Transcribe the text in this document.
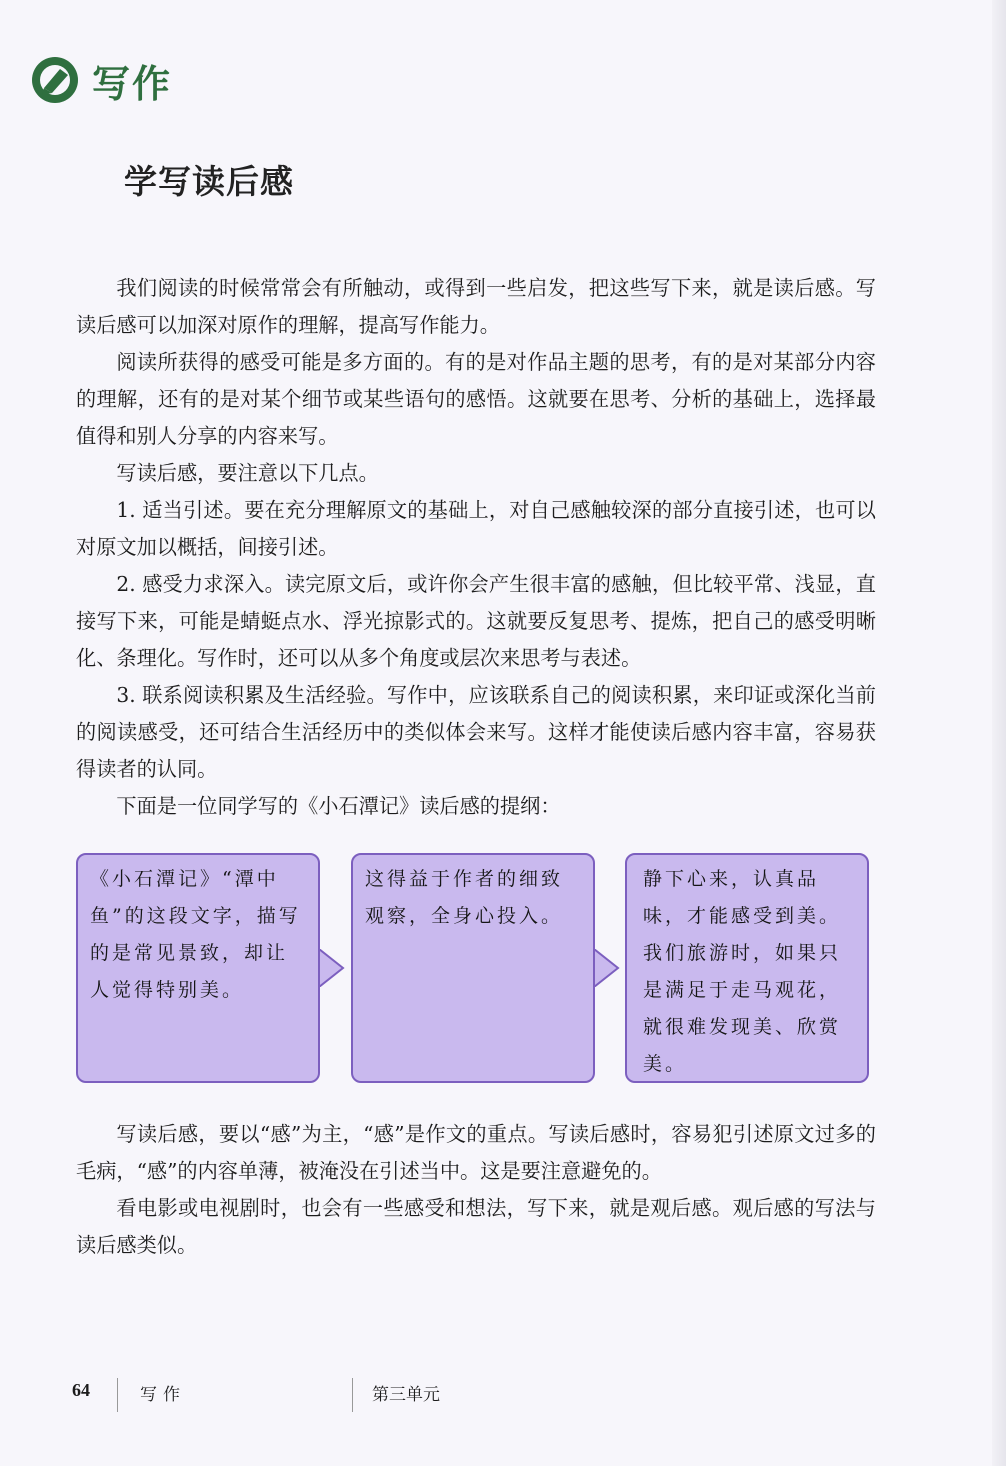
写作
学写读后感

我们阅读的时候常常会有所触动，或得到一些启发，把这些写下来，就是读后感。写读后感可以加深对原作的理解，提高写作能力。

阅读所获得的感受可能是多方面的。有的是对作品主题的思考，有的是对某部分内容的理解，还有的是对某个细节或某些语句的感悟。这就要在思考、分析的基础上，选择最值得和别人分享的内容来写。

写读后感，要注意以下几点。

1. 适当引述。要在充分理解原文的基础上，对自己感触较深的部分直接引述，也可以对原文加以概括，间接引述。

2. 感受力求深入。读完原文后，或许你会产生很丰富的感触，但比较平常、浅显，直接写下来，可能是蜻蜓点水、浮光掠影式的。这就要反复思考、提炼，把自己的感受明晰化、条理化。写作时，还可以从多个角度或层次来思考与表述。

3. 联系阅读积累及生活经验。写作中，应该联系自己的阅读积累，来印证或深化当前的阅读感受，还可结合生活经历中的类似体会来写。这样才能使读后感内容丰富，容易获得读者的认同。

下面是一位同学写的《小石潭记》读后感的提纲：

《小石潭记》“潭中鱼”的这段文字，描写的是常见景致，却让人觉得特别美。
这得益于作者的细致观察，全身心投入。
静下心来，认真品味，才能感受到美。我们旅游时，如果只是满足于走马观花，就很难发现美、欣赏美。

写读后感，要以“感”为主，“感”是作文的重点。写读后感时，容易犯引述原文过多的毛病，“感”的内容单薄，被淹没在引述当中。这是要注意避免的。

看电影或电视剧时，也会有一些感受和想法，写下来，就是观后感。观后感的写法与读后感类似。

64	写作	第三单元
